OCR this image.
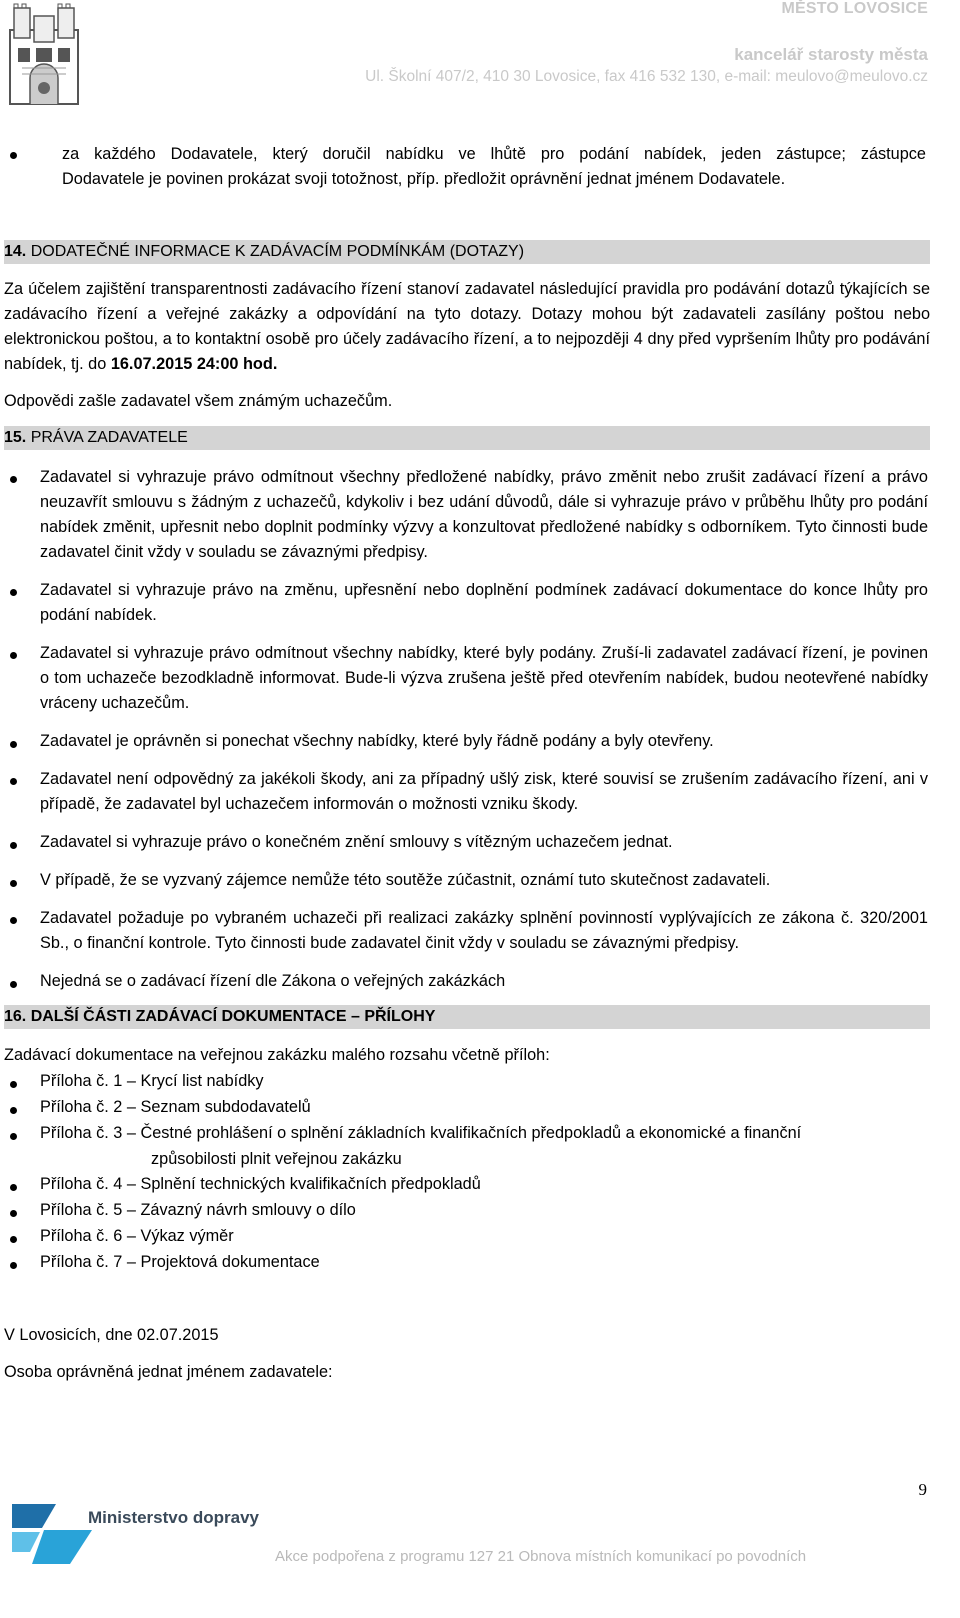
MĚSTO LOVOSICE
kancelář starosty města
Ul. Školní 407/2, 410 30 Lovosice, fax 416 532 130, e-mail: meulovo@meulovo.cz
za každého Dodavatele, který doručil nabídku ve lhůtě pro podání nabídek, jeden zástupce; zástupce
Dodavatele je povinen prokázat svoji totožnost, příp. předložit oprávnění jednat jménem Dodavatele.
14. DODATEČNÉ INFORMACE K ZADÁVACÍM PODMÍNKÁM (DOTAZY)
Za účelem zajištění transparentnosti zadávacího řízení stanoví zadavatel následující pravidla pro podávání dotazů týkajících se zadávacího řízení a veřejné zakázky a odpovídání na tyto dotazy. Dotazy mohou být zadavateli zasílány poštou nebo elektronickou poštou, a to kontaktní osobě pro účely zadávacího řízení, a to nejpozději 4 dny před vypršením lhůty pro podávání nabídek, tj. do 16.07.2015 24:00 hod.
Odpovědi zašle zadavatel všem známým uchazečům.
15. PRÁVA ZADAVATELE
Zadavatel si vyhrazuje právo odmítnout všechny předložené nabídky, právo změnit nebo zrušit zadávací řízení a právo neuzavřít smlouvu s žádným z uchazečů, kdykoliv i bez udání důvodů, dále si vyhrazuje právo v průběhu lhůty pro podání nabídek změnit, upřesnit nebo doplnit podmínky výzvy a konzultovat předložené nabídky s odborníkem. Tyto činnosti bude zadavatel činit vždy v souladu se závaznými předpisy.
Zadavatel si vyhrazuje právo na změnu, upřesnění nebo doplnění podmínek zadávací dokumentace do konce lhůty pro podání nabídek.
Zadavatel si vyhrazuje právo odmítnout všechny nabídky, které byly podány. Zruší-li zadavatel zadávací řízení, je povinen o tom uchazeče bezodkladně informovat. Bude-li výzva zrušena ještě před otevřením nabídek, budou neotevřené nabídky vráceny uchazečům.
Zadavatel je oprávněn si ponechat všechny nabídky, které byly řádně podány a byly otevřeny.
Zadavatel není odpovědný za jakékoli škody, ani za případný ušlý zisk, které souvisí se zrušením zadávacího řízení, ani v případě, že zadavatel byl uchazečem informován o možnosti vzniku škody.
Zadavatel si vyhrazuje právo o konečném znění smlouvy s vítězným uchazečem jednat.
V případě, že se vyzvaný zájemce nemůže této soutěže zúčastnit, oznámí tuto skutečnost zadavateli.
Zadavatel požaduje po vybraném uchazeči při realizaci zakázky splnění povinností vyplývajících ze zákona č. 320/2001 Sb., o finanční kontrole. Tyto činnosti bude zadavatel činit vždy v souladu se závaznými předpisy.
Nejedná se o zadávací řízení dle Zákona o veřejných zakázkách
16. DALŠÍ ČÁSTI ZADÁVACÍ DOKUMENTACE – PŘÍLOHY
Zadávací dokumentace na veřejnou zakázku malého rozsahu včetně příloh:
Příloha č. 1 – Krycí list nabídky
Příloha č. 2 – Seznam subdodavatelů
Příloha č. 3 – Čestné prohlášení o splnění základních kvalifikačních předpokladů a ekonomické a finanční
způsobilosti plnit veřejnou zakázku
Příloha č. 4 – Splnění technických kvalifikačních předpokladů
Příloha č. 5 – Závazný návrh smlouvy o dílo
Příloha č. 6 – Výkaz výměr
Příloha č. 7 – Projektová dokumentace
V Lovosicích, dne 02.07.2015
Osoba oprávněná jednat jménem zadavatele:
9
Ministerstvo dopravy
Akce podpořena z programu 127 21 Obnova místních komunikací po povodních
